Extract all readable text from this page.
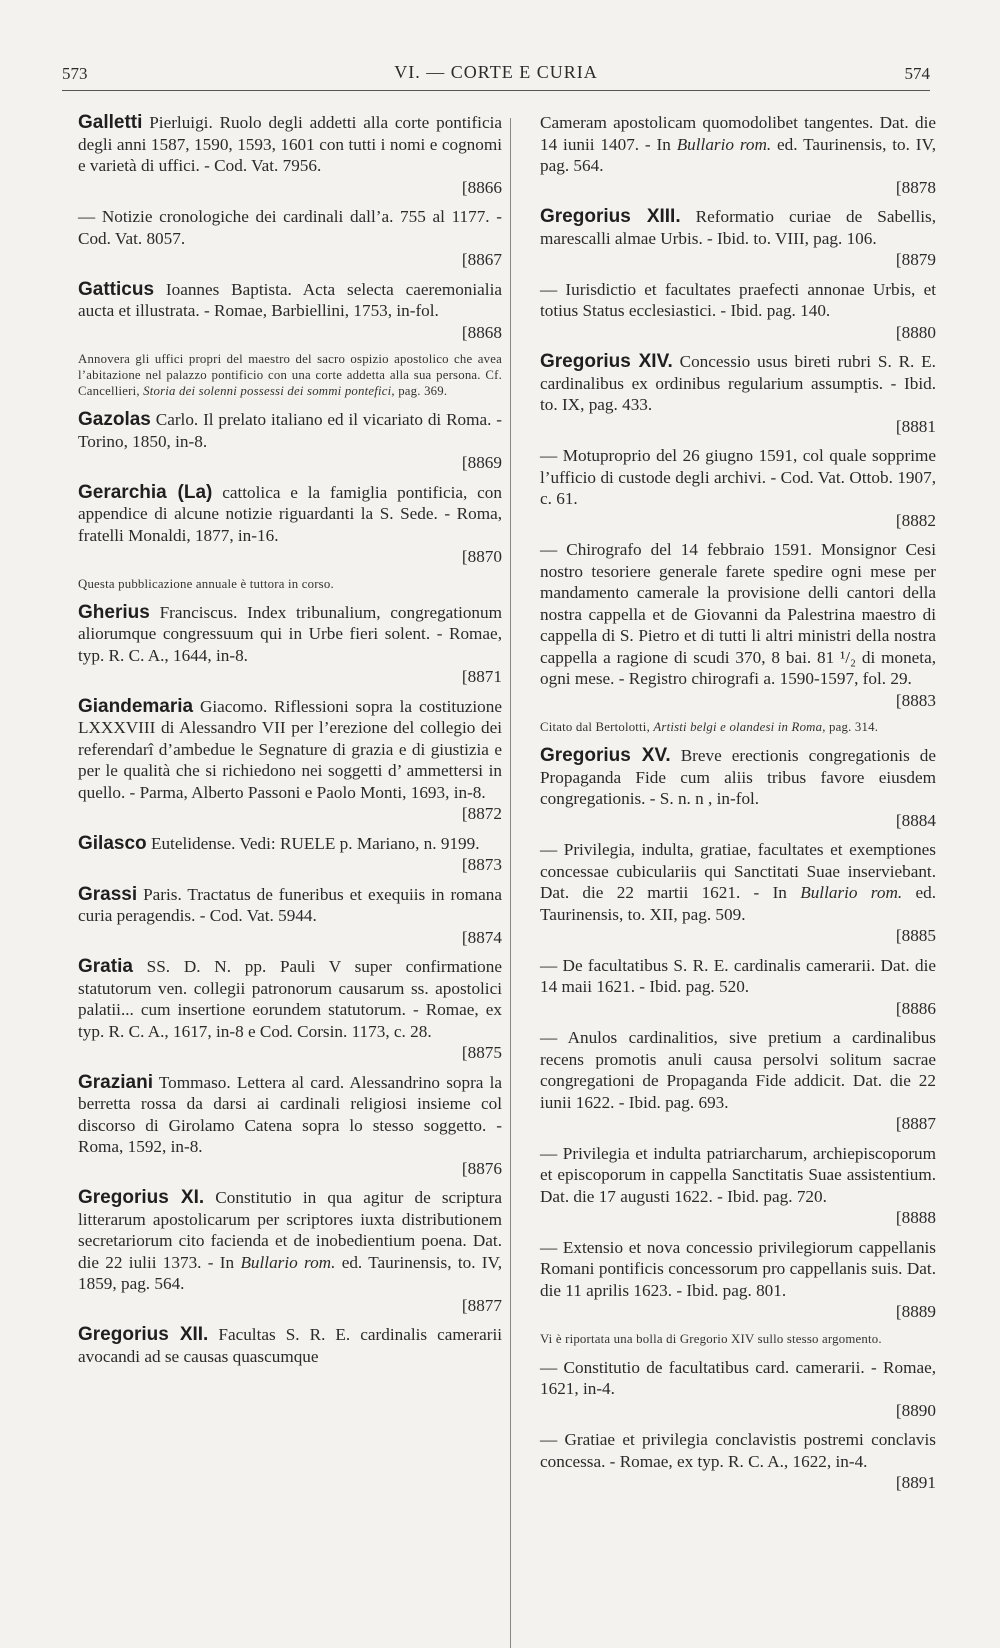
573	VI. — CORTE E CURIA	574
Galletti Pierluigi. Ruolo degli addetti alla corte pontificia degli anni 1587, 1590, 1593, 1601 con tutti i nomi e cognomi e varietà di uffici. - Cod. Vat. 7956.
[8866
— Notizie cronologiche dei cardinali dall’a. 755 al 1177. - Cod. Vat. 8057.
[8867
Gatticus Ioannes Baptista. Acta selecta caeremonialia aucta et illustrata. - Romae, Barbiellini, 1753, in-fol.
[8868
Annovera gli uffici propri del maestro del sacro ospizio apostolico che avea l’abitazione nel palazzo pontificio con una corte addetta alla sua persona. Cf. Cancellieri, Storia dei solenni possessi dei sommi pontefici, pag. 369.
Gazolas Carlo. Il prelato italiano ed il vicariato di Roma. - Torino, 1850, in-8.
[8869
Gerarchia (La) cattolica e la famiglia pontificia, con appendice di alcune notizie riguardanti la S. Sede. - Roma, fratelli Monaldi, 1877, in-16.
[8870
Questa pubblicazione annuale è tuttora in corso.
Gherius Franciscus. Index tribunalium, congregationum aliorumque congressuum qui in Urbe fieri solent. - Romae, typ. R. C. A., 1644, in-8.
[8871
Giandemaria Giacomo. Riflessioni sopra la costituzione LXXXVIII di Alessandro VII per l’erezione del collegio dei referendarî d’ambedue le Segnature di grazia e di giustizia e per le qualità che si richiedono nei soggetti d’ ammettersi in quello. - Parma, Alberto Passoni e Paolo Monti, 1693, in-8.
[8872
Gilasco Eutelidense. Vedi: RUELE p. Mariano, n. 9199.
[8873
Grassi Paris. Tractatus de funeribus et exequiis in romana curia peragendis. - Cod. Vat. 5944.
[8874
Gratia SS. D. N. pp. Pauli V super confirmatione statutorum ven. collegii patronorum causarum ss. apostolici palatii... cum insertione eorundem statutorum. - Romae, ex typ. R. C. A., 1617, in-8 e Cod. Corsin. 1173, c. 28.
[8875
Graziani Tommaso. Lettera al card. Alessandrino sopra la berretta rossa da darsi ai cardinali religiosi insieme col discorso di Girolamo Catena sopra lo stesso soggetto. - Roma, 1592, in-8.
[8876
Gregorius XI. Constitutio in qua agitur de scriptura litterarum apostolicarum per scriptores iuxta distributionem secretariorum cito facienda et de inobedientium poena. Dat. die 22 iulii 1373. - In Bullario rom. ed. Taurinensis, to. IV, 1859, pag. 564.
[8877
Gregorius XII. Facultas S. R. E. cardinalis camerarii avocandi ad se causas quascumque
Cameram apostolicam quomodolibet tangentes. Dat. die 14 iunii 1407. - In Bullario rom. ed. Taurinensis, to. IV, pag. 564.
[8878
Gregorius XIII. Reformatio curiae de Sabellis, marescalli almae Urbis. - Ibid. to. VIII, pag. 106.
[8879
— Iurisdictio et facultates praefecti annonae Urbis, et totius Status ecclesiastici. - Ibid. pag. 140.
[8880
Gregorius XIV. Concessio usus bireti rubri S. R. E. cardinalibus ex ordinibus regularium assumptis. - Ibid. to. IX, pag. 433.
[8881
— Motuproprio del 26 giugno 1591, col quale sopprime l’ufficio di custode degli archivi. - Cod. Vat. Ottob. 1907, c. 61.
[8882
— Chirografo del 14 febbraio 1591. Monsignor Cesi nostro tesoriere generale farete spedire ogni mese per mandamento camerale la provisione delli cantori della nostra cappella et de Giovanni da Palestrina maestro di cappella di S. Pietro et di tutti li altri ministri della nostra cappella a ragione di scudi 370, 8 bai. 81 ¹/₂ di moneta, ogni mese. - Registro chirografi a. 1590-1597, fol. 29.
[8883
Citato dal Bertolotti, Artisti belgi e olandesi in Roma, pag. 314.
Gregorius XV. Breve erectionis congregationis de Propaganda Fide cum aliis tribus favore eiusdem congregationis. - S. n. n , in-fol.
[8884
— Privilegia, indulta, gratiae, facultates et exemptiones concessae cubiculariis qui Sanctitati Suae inserviebant. Dat. die 22 martii 1621. - In Bullario rom. ed. Taurinensis, to. XII, pag. 509.
[8885
— De facultatibus S. R. E. cardinalis camerarii. Dat. die 14 maii 1621. - Ibid. pag. 520.
[8886
— Anulos cardinalitios, sive pretium a cardinalibus recens promotis anuli causa persolvi solitum sacrae congregationi de Propaganda Fide addicit. Dat. die 22 iunii 1622. - Ibid. pag. 693.
[8887
— Privilegia et indulta patriarcharum, archiepiscoporum et episcoporum in cappella Sanctitatis Suae assistentium. Dat. die 17 augusti 1622. - Ibid. pag. 720.
[8888
— Extensio et nova concessio privilegiorum cappellanis Romani pontificis concessorum pro cappellanis suis. Dat. die 11 aprilis 1623. - Ibid. pag. 801.
[8889
Vi è riportata una bolla di Gregorio XIV sullo stesso argomento.
— Constitutio de facultatibus card. camerarii. - Romae, 1621, in-4.
[8890
— Gratiae et privilegia conclavistis postremi conclavis concessa. - Romae, ex typ. R. C. A., 1622, in-4.
[8891
